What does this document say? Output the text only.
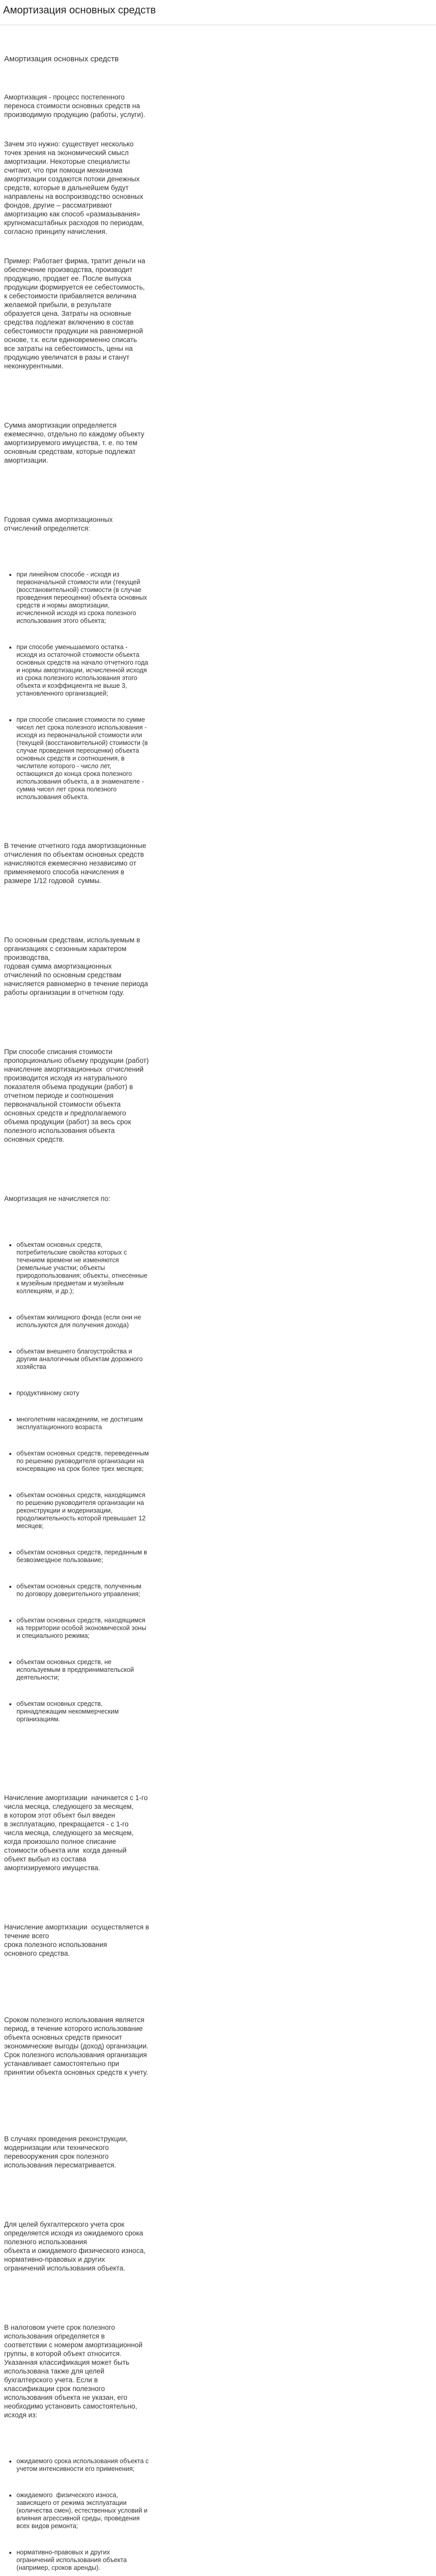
Амортизация основных средств

Амортизация основных средств

Амортизация - процесс постепенного переноса стоимости основных средств на производимую продукцию (работы, услуги).

Зачем это нужно: существует несколько точек зрения на экономический смысл амортизации. Некоторые специалисты считают, что при помощи механизма амортизации создаются потоки денежных средств, которые в дальнейшем будут направлены на воспроизводство основных фондов, другие – рассматривают амортизацию как способ «размазывания» крупномасштабных расходов по периодам, согласно принципу начисления.

Пример: Работает фирма, тратит деньги на обеспечение производства, производит продукцию, продает ее. После выпуска продукции формируется ее себестоимость, к себестоимости прибавляется величина желаемой прибыли, в результате образуется цена. Затраты на основные средства подлежат включению в состав себестоимости продукции на равномерной основе, т.к. если единовременно списать все затраты на себестоимость, цены на продукцию увеличатся в разы и станут неконкурентными.

Сумма амортизации определяется ежемесячно, отдельно по каждому объекту амортизируемого имущества, т. е. по тем основным средствам, которые подлежат амортизации.

Годовая сумма амортизационных отчислений определяется:

• при линейном способе - исходя из первоначальной стоимости или (текущей (восстановительной) стоимости (в случае проведения переоценки) объекта основных средств и нормы амортизации, исчисленной исходя из срока полезного использования этого объекта;

• при способе уменьшаемого остатка - исходя из остаточной стоимости объекта основных средств на начало отчетного года и нормы амортизации, исчисленной исходя из срока полезного использования этого объекта и коэффициента не выше 3, установленного организацией;

• при способе списания стоимости по сумме чисел лет срока полезного использования - исходя из первоначальной стоимости или (текущей (восстановительной) стоимости (в случае проведения переоценки) объекта основных средств и соотношения, в числителе которого - число лет, остающихся до конца срока полезного использования объекта, а в знаменателе - сумма чисел лет срока полезного использования объекта.

В течение отчетного года амортизационные отчисления по объектам основных средств начисляются ежемесячно независимо от применяемого способа начисления в размере 1/12 годовой  суммы.

По основным средствам, используемым в организациях с сезонным характером производства,
годовая сумма амортизационных  отчислений по основным средствам начисляется равномерно в течение периода  работы организации в отчетном году.

При способе списания стоимости пропорционально объему продукции (работ) начисление амортизационных  отчислений производится исходя из натурального показателя объема продукции (работ) в отчетном периоде и соотношения первоначальной стоимости объекта основных средств и предполагаемого объема продукции (работ) за весь срок полезного использования объекта  основных средств.

Амортизация не начисляется по:

• объектам основных средств, потребительские свойства которых с течением времени не изменяются (земельные участки; объекты природопользования; объекты, отнесенные к музейным предметам и музейным коллекциям, и др.);

• объектам жилищного фонда (если они не используются для получения дохода)

• объектам внешнего благоустройства и другим аналогичным объектам дорожного хозяйства

• продуктивному скоту

• многолетним насаждениям, не достигшим эксплуатационного возраста

• объектам основных средств, переведенным по решению руководителя организации на консервацию на срок более трех месяцев;

• объектам основных средств, находящимся по решению руководителя организации на реконструкции и модернизации, продолжительность которой превышает 12 месяцев;

• объектам основных средств, переданным в безвозмездное пользование;

• объектам основных средств, полученным по договору доверительного управления;

• объектам основных средств, находящимся на территории особой экономической зоны и специального режима;

• объектам основных средств, не используемым в предпринимательской деятельности;

• объектам основных средств, принадлежащим некоммерческим организациям.

Начисление амортизации  начинается с 1-го числа месяца, следующего за месяцем,
в котором этот объект был введен
в эксплуатацию, прекращается - с 1-го числа месяца, следующего за месяцем,
когда произошло полное списание стоимости объекта или  когда данный объект выбыл из состава
амортизируемого имущества.

Начисление амортизации  осуществляется в течение всего
срока полезного использования
основного средства.

Сроком полезного использования является период, в течение которого использование объекта основных средств приносит экономические выгоды (доход) организации. Срок полезного использования организация устанавливает самостоятельно при принятии объекта основных средств к учету.

В случаях проведения реконструкции, модернизации или технического перевооружения срок полезного использования пересматривается.

Для целей бухгалтерского учета срок определяется исходя из ожидаемого срока полезного использования
объекта и ожидаемого физического износа, нормативно-правовых и других
ограничений использования объекта.

В налоговом учете срок полезного использования определяется в соответствии с номером амортизационной группы, в которой объект относится. Указанная классификация может быть использована также для целей бухгалтерского учета. Если в классификации срок полезного использования объекта не указан, его необходимо установить самостоятельно, исходя из:

• ожидаемого срока использования объекта с учетом интенсивности его применения;

• ожидаемого  физического износа, зависящего от режима эксплуатации (количества смен), естественных условий и влияния агрессивной среды, проведения всех видов ремонта;

• нормативно-правовых и других ограничений использования объекта (например, сроков аренды).
